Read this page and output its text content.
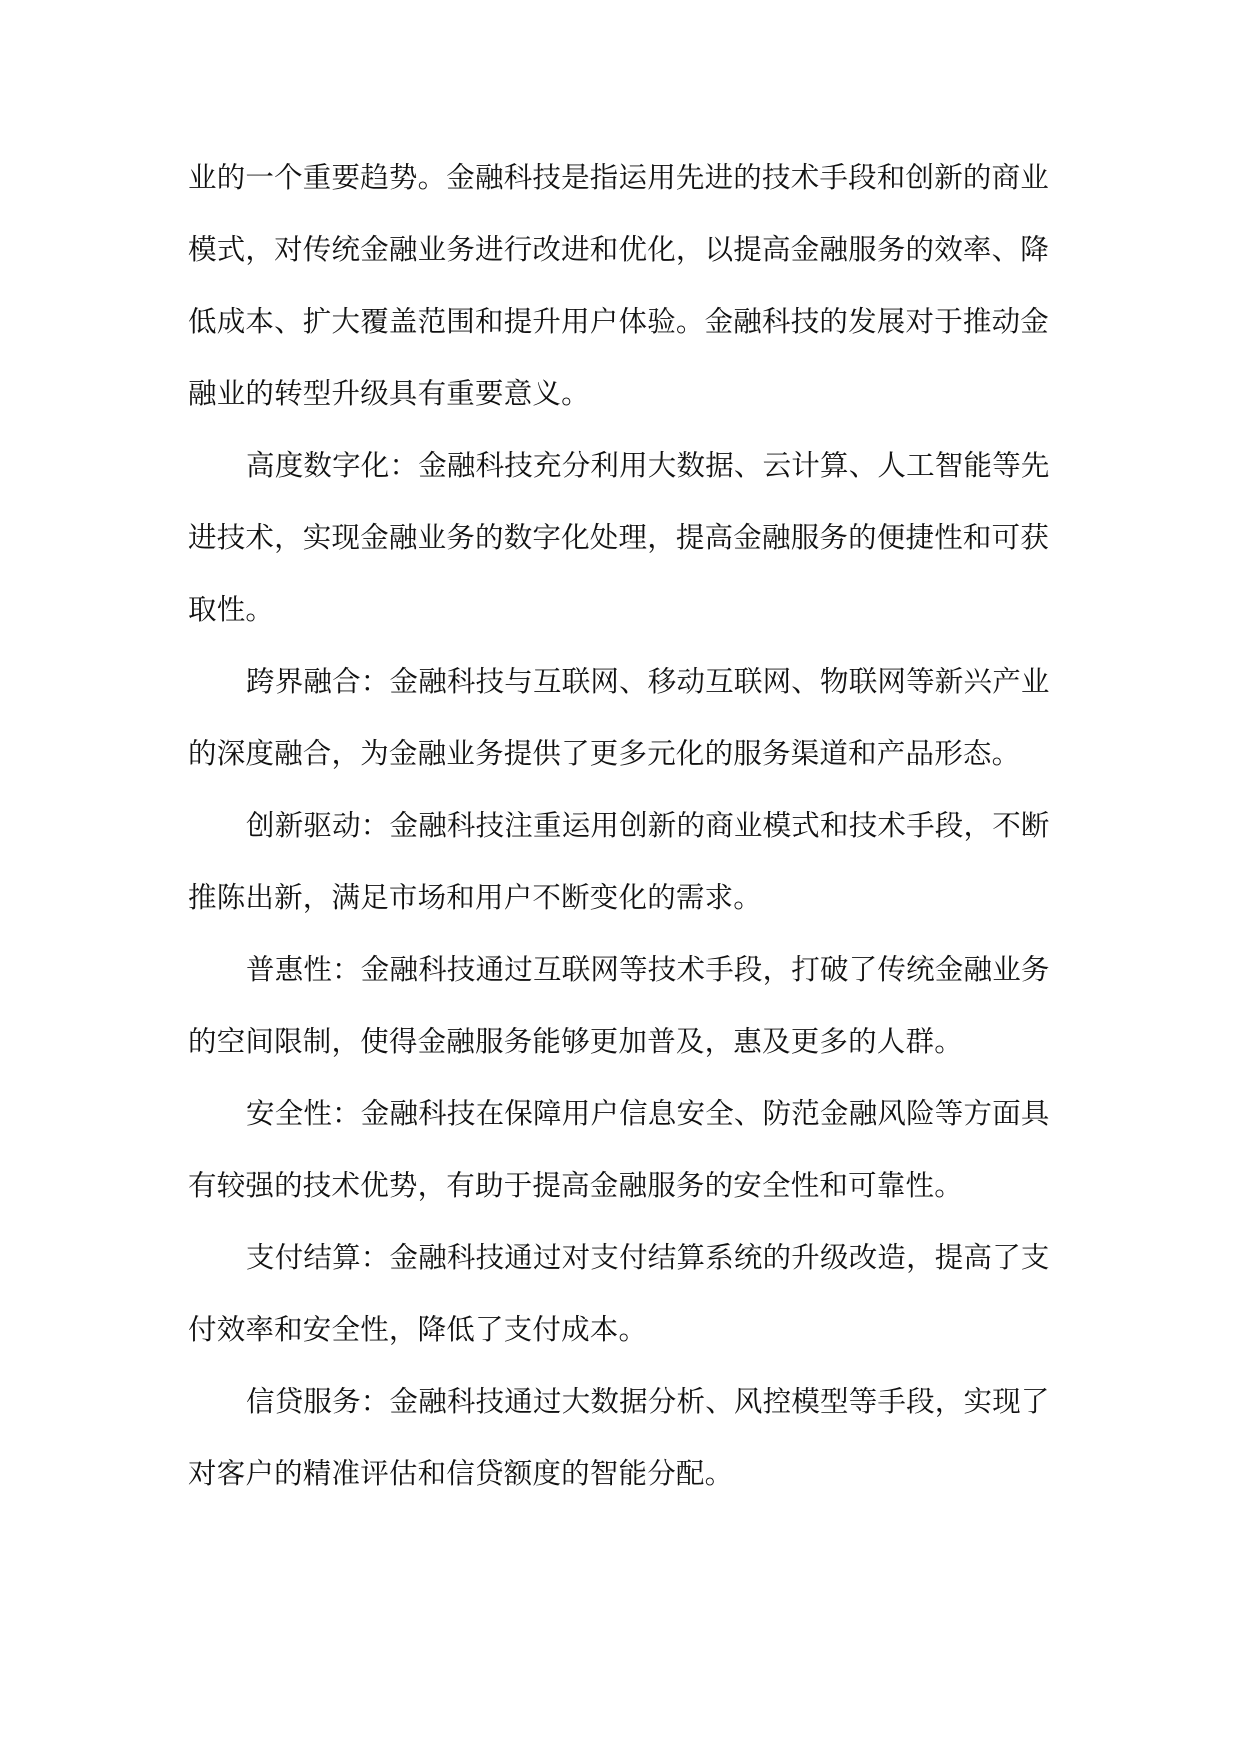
业的一个重要趋势。金融科技是指运用先进的技术手段和创新的商业
模式，对传统金融业务进行改进和优化，以提高金融服务的效率、降
低成本、扩大覆盖范围和提升用户体验。金融科技的发展对于推动金
融业的转型升级具有重要意义。
高度数字化：金融科技充分利用大数据、云计算、人工智能等先
进技术，实现金融业务的数字化处理，提高金融服务的便捷性和可获
取性。
跨界融合：金融科技与互联网、移动互联网、物联网等新兴产业
的深度融合，为金融业务提供了更多元化的服务渠道和产品形态。
创新驱动：金融科技注重运用创新的商业模式和技术手段，不断
推陈出新，满足市场和用户不断变化的需求。
普惠性：金融科技通过互联网等技术手段，打破了传统金融业务
的空间限制，使得金融服务能够更加普及，惠及更多的人群。
安全性：金融科技在保障用户信息安全、防范金融风险等方面具
有较强的技术优势，有助于提高金融服务的安全性和可靠性。
支付结算：金融科技通过对支付结算系统的升级改造，提高了支
付效率和安全性，降低了支付成本。
信贷服务：金融科技通过大数据分析、风控模型等手段，实现了
对客户的精准评估和信贷额度的智能分配。
